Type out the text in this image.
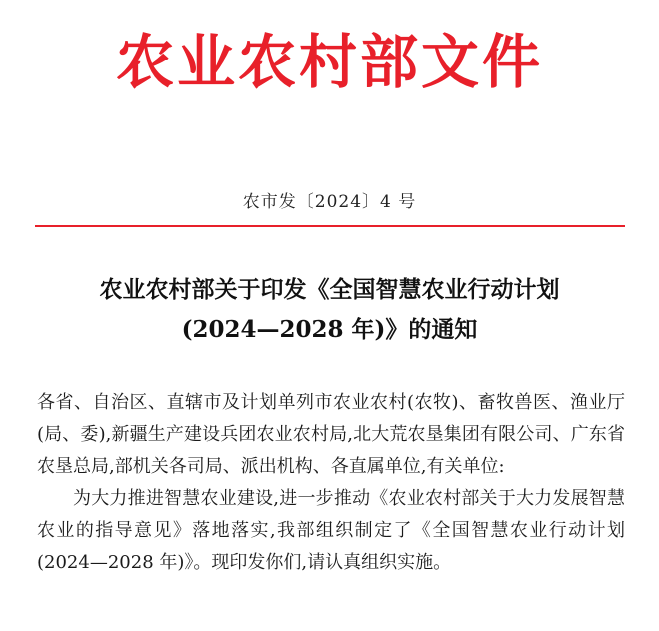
农业农村部文件
农市发〔2024〕4 号
农业农村部关于印发《全国智慧农业行动计划
(2024—2028 年)》的通知

各省、自治区、直辖市及计划单列市农业农村(农牧)、畜牧兽医、渔业厅(局、委),新疆生产建设兵团农业农村局,北大荒农垦集团有限公司、广东省农垦总局,部机关各司局、派出机构、各直属单位,有关单位:

为大力推进智慧农业建设,进一步推动《农业农村部关于大力发展智慧农业的指导意见》落地落实,我部组织制定了《全国智慧农业行动计划(2024—2028 年)》。现印发你们,请认真组织实施。
